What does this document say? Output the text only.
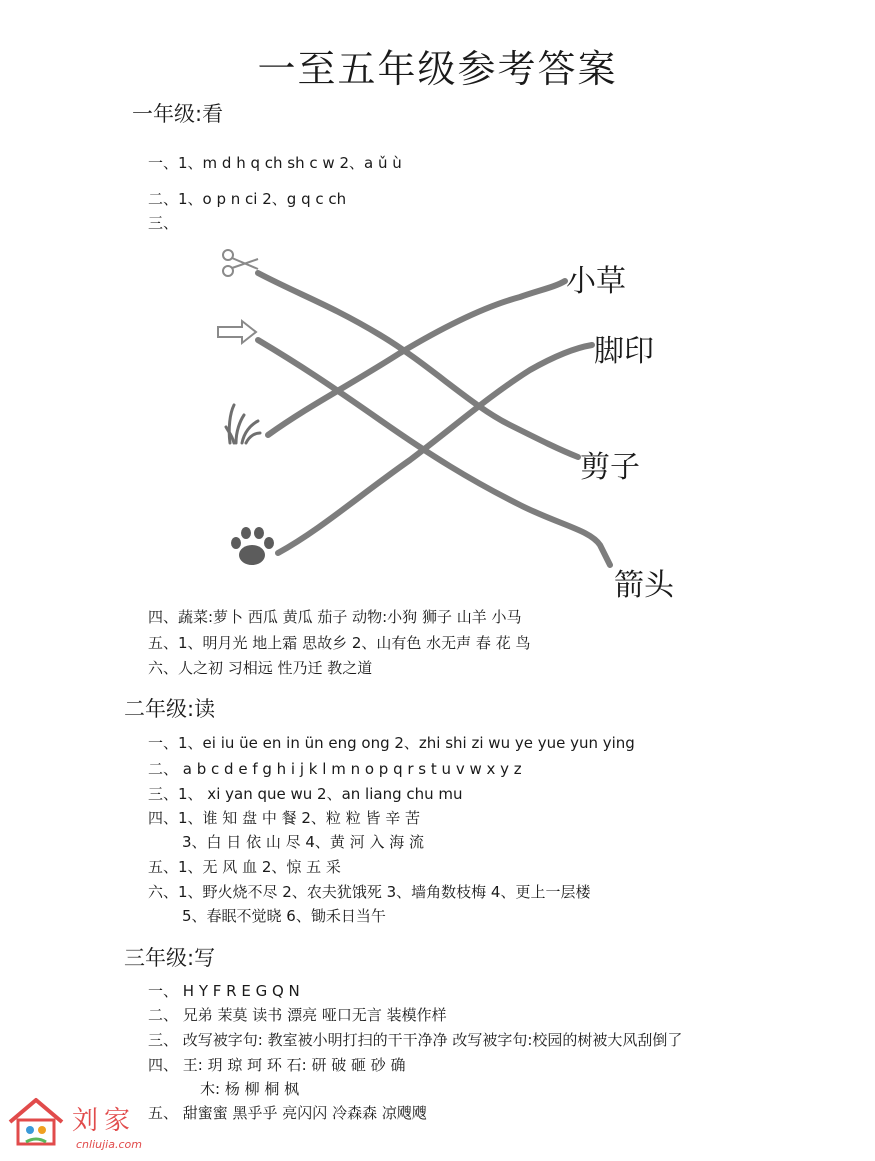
一至五年级参考答案
一年级:看
一、1、m d h q ch sh c w 2、a ǔ ù
二、1、o p n ci 2、g q c ch
三、
小草
脚印
剪子
箭头
四、蔬菜:萝卜 西瓜 黄瓜 茄子 动物:小狗 狮子 山羊 小马
五、1、明月光 地上霜 思故乡 2、山有色 水无声 春 花 鸟
六、人之初 习相远 性乃迁 教之道
二年级:读
一、1、ei iu üe en in ün eng ong 2、zhi shi zi wu ye yue yun ying
二、 a b c d e f g h i j k l m n o p q r s t u v w x y z
三、1、 xi yan que wu 2、an liang chu mu
四、1、谁 知 盘 中 餐 2、粒 粒 皆 辛 苦
3、白 日 依 山 尽 4、黄 河 入 海 流
五、1、无 风 血 2、惊 五 采
六、1、野火烧不尽 2、农夫犹饿死 3、墙角数枝梅 4、更上一层楼
5、春眠不觉晓 6、锄禾日当午
三年级:写
一、 H Y F R E G Q N
二、 兄弟 茉莫 读书 漂亮 哑口无言 装模作样
三、 改写被字句: 教室被小明打扫的干干净净 改写被字句:校园的树被大风刮倒了
四、 王: 玥 琼 珂 环 石: 研 破 砸 砂 确
木: 杨 柳 桐 枫
五、 甜蜜蜜 黑乎乎 亮闪闪 冷森森 凉飕飕
刘家
cnliujia.com
